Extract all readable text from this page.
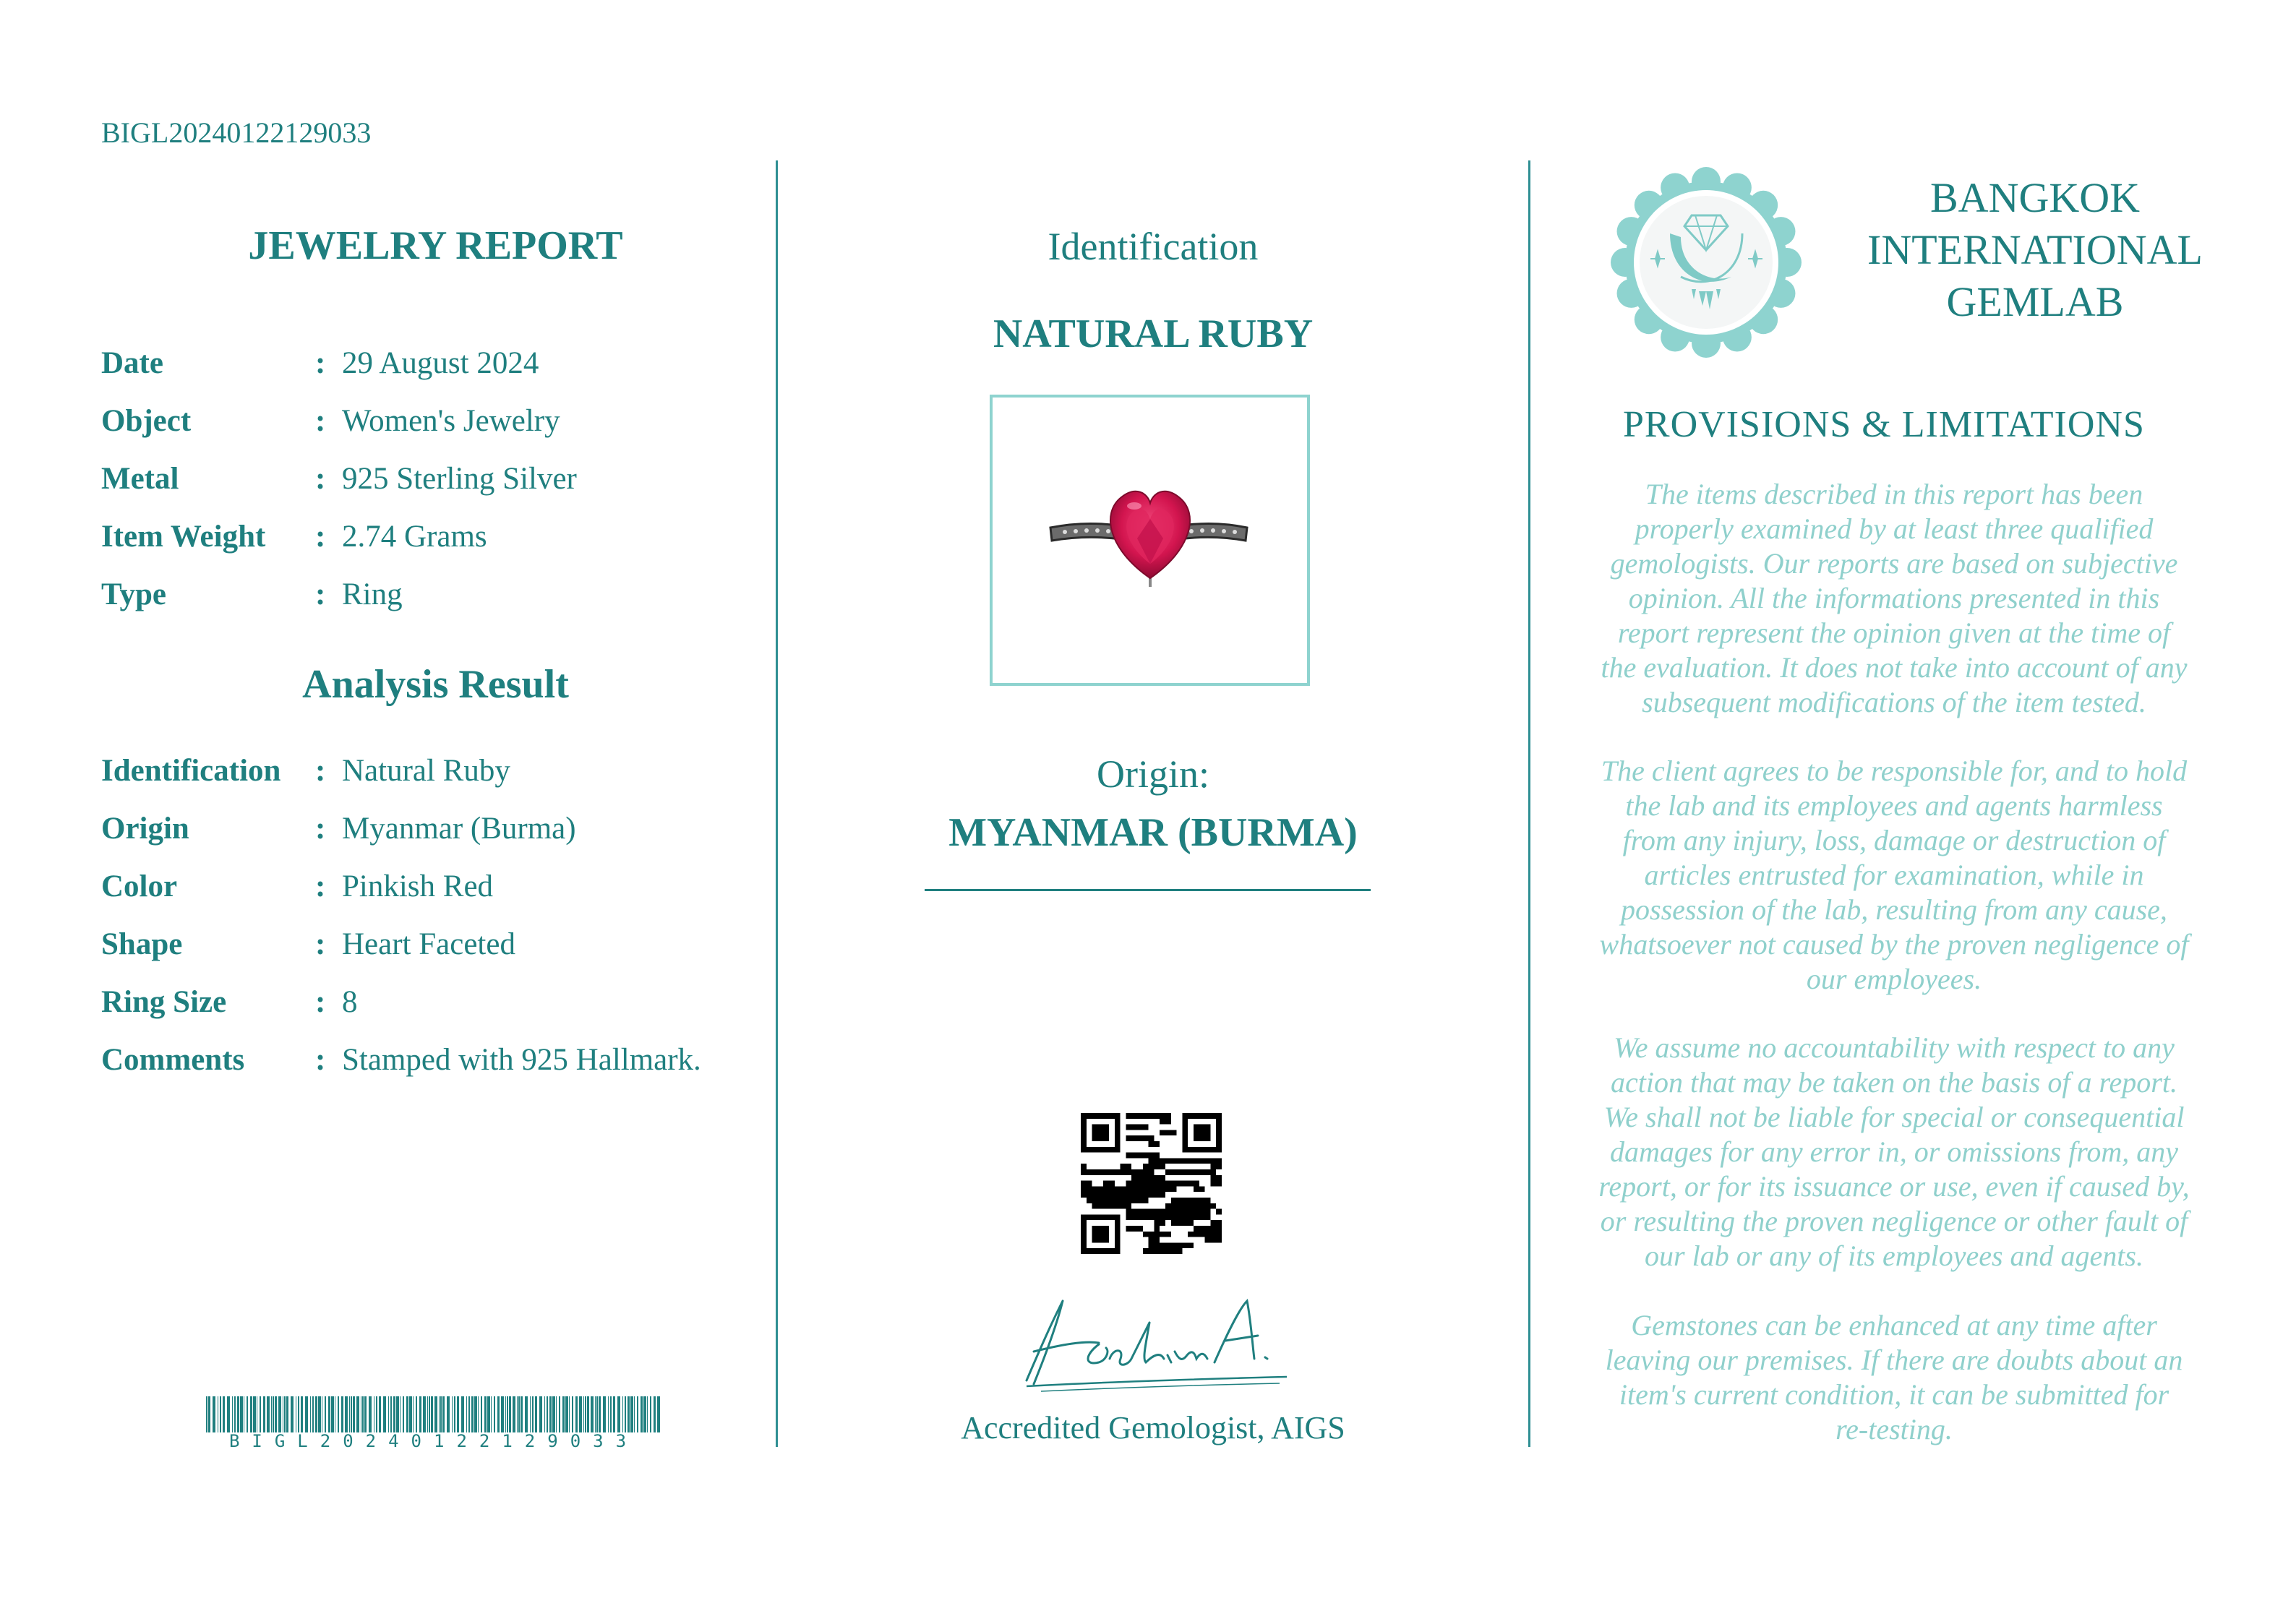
BIGL20240122129033
JEWELRY REPORT
Date	: 29 August 2024
Object	: Women's Jewelry
Metal	: 925 Sterling Silver
Item Weight : 2.74 Grams
Type	: Ring
Analysis Result
Identification : Natural Ruby
Origin	: Myanmar (Burma)
Color	: Pinkish Red
Shape	: Heart Faceted
Ring Size	: 8
Comments : Stamped with 925 Hallmark.
BIGL20240122129033
Identification
NATURAL RUBY
Origin:
MYANMAR (BURMA)
Accredited Gemologist, AIGS
BANGKOK
INTERNATIONAL
GEMLAB
PROVISIONS & LIMITATIONS
The items described in this report has been
properly examined by at least three qualified
gemologists. Our reports are based on subjective
opinion. All the informations presented in this
report represent the opinion given at the time of
the evaluation. It does not take into account of any
subsequent modifications of the item tested.
The client agrees to be responsible for, and to hold
the lab and its employees and agents harmless
from any injury, loss, damage or destruction of
articles entrusted for examination, while in
possession of the lab, resulting from any cause,
whatsoever not caused by the proven negligence of
our employees.
We assume no accountability with respect to any
action that may be taken on the basis of a report.
We shall not be liable for special or consequential
damages for any error in, or omissions from, any
report, or for its issuance or use, even if caused by,
or resulting the proven negligence or other fault of
our lab or any of its employees and agents.
Gemstones can be enhanced at any time after
leaving our premises. If there are doubts about an
item's current condition, it can be submitted for
re-testing.
